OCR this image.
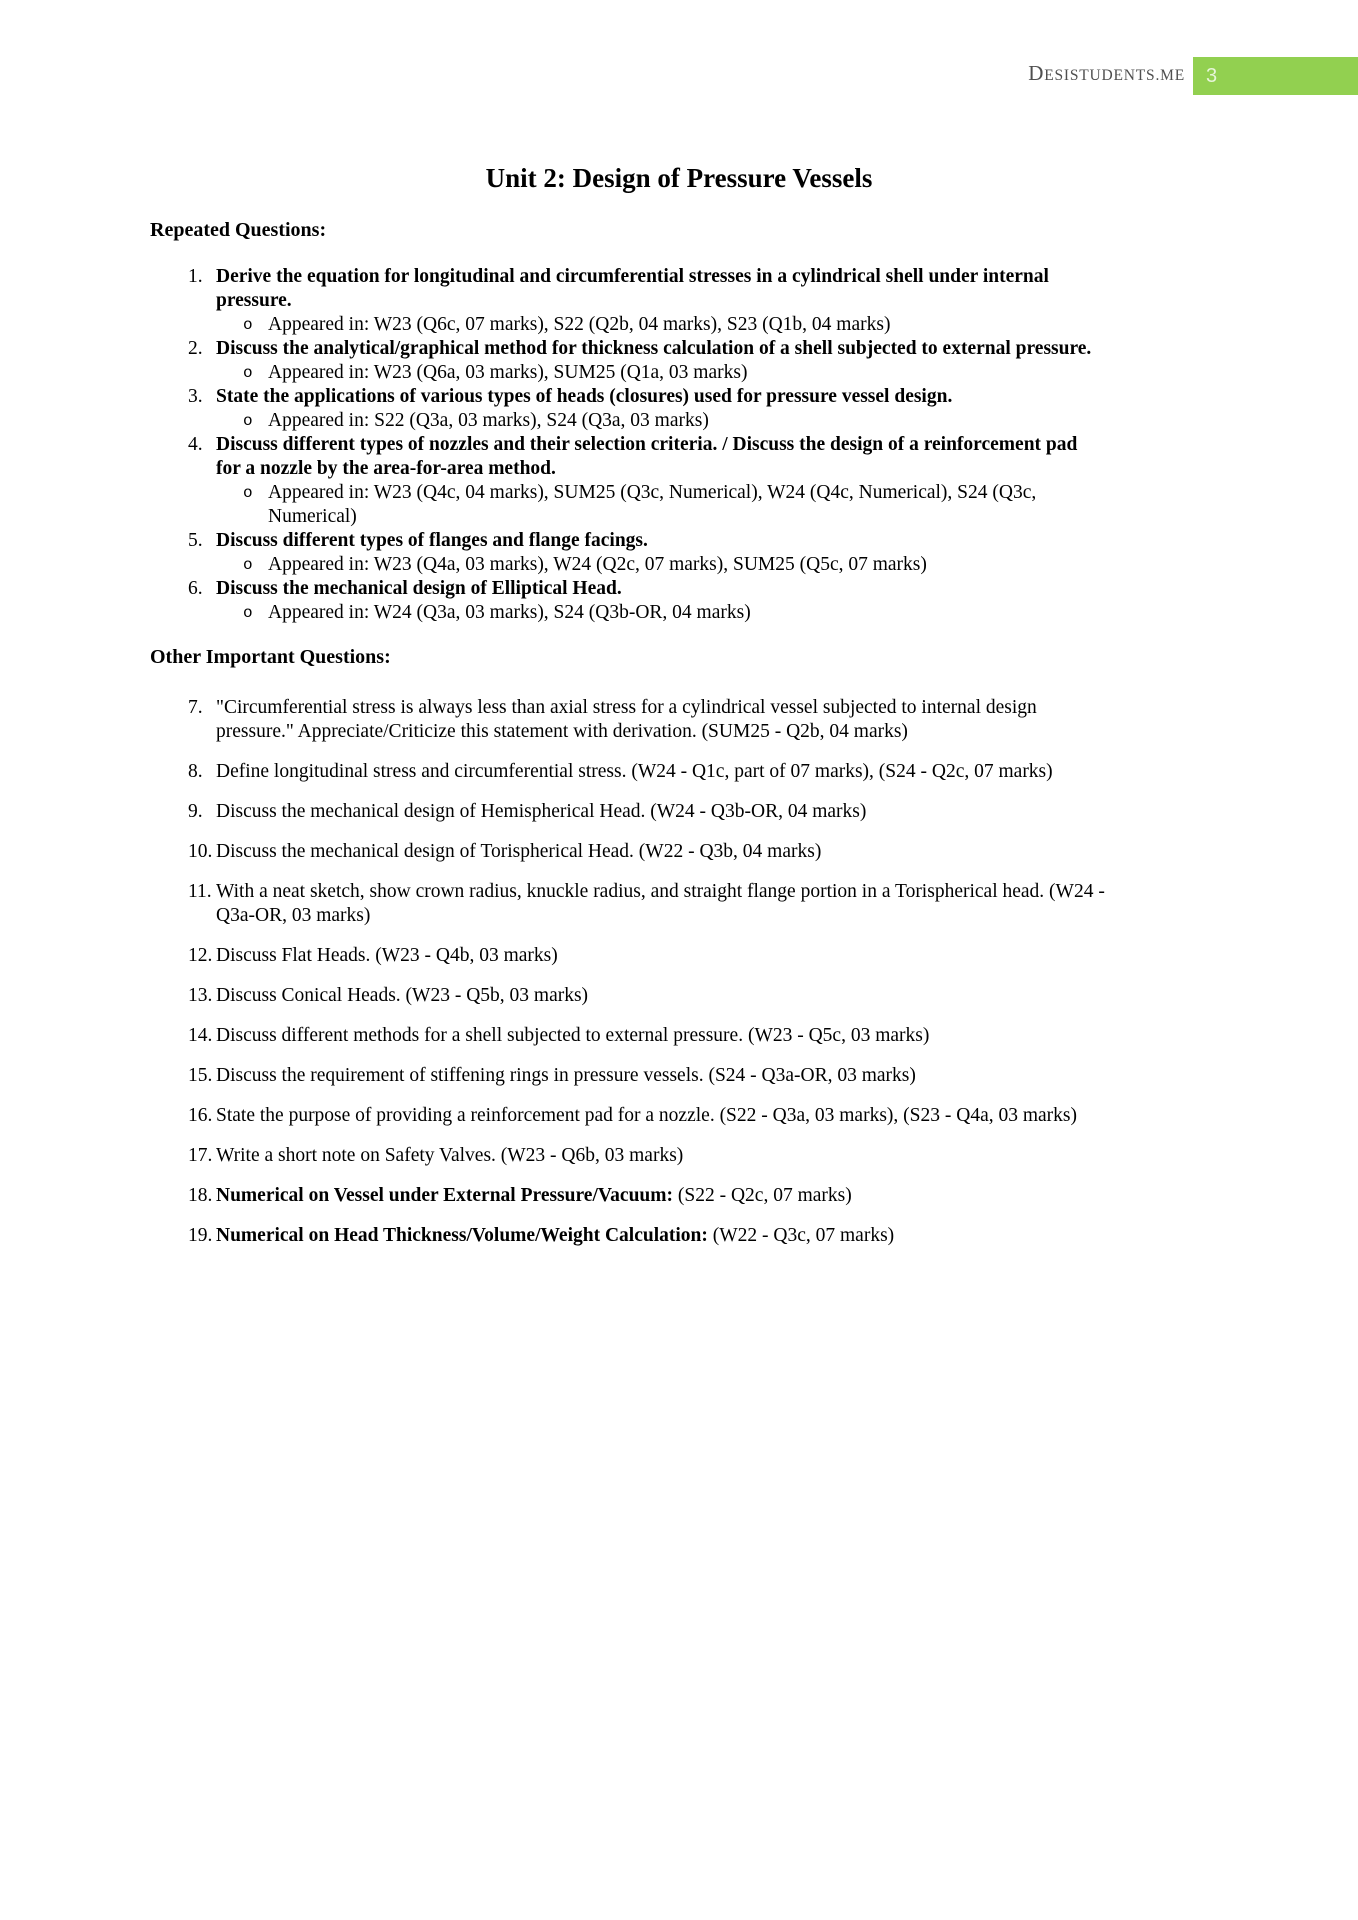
DESISTUDENTS.ME 3
Unit 2: Design of Pressure Vessels
Repeated Questions:
1. Derive the equation for longitudinal and circumferential stresses in a cylindrical shell under internal pressure.
o Appeared in: W23 (Q6c, 07 marks), S22 (Q2b, 04 marks), S23 (Q1b, 04 marks)
2. Discuss the analytical/graphical method for thickness calculation of a shell subjected to external pressure.
o Appeared in: W23 (Q6a, 03 marks), SUM25 (Q1a, 03 marks)
3. State the applications of various types of heads (closures) used for pressure vessel design.
o Appeared in: S22 (Q3a, 03 marks), S24 (Q3a, 03 marks)
4. Discuss different types of nozzles and their selection criteria. / Discuss the design of a reinforcement pad for a nozzle by the area-for-area method.
o Appeared in: W23 (Q4c, 04 marks), SUM25 (Q3c, Numerical), W24 (Q4c, Numerical), S24 (Q3c, Numerical)
5. Discuss different types of flanges and flange facings.
o Appeared in: W23 (Q4a, 03 marks), W24 (Q2c, 07 marks), SUM25 (Q5c, 07 marks)
6. Discuss the mechanical design of Elliptical Head.
o Appeared in: W24 (Q3a, 03 marks), S24 (Q3b-OR, 04 marks)
Other Important Questions:
7. "Circumferential stress is always less than axial stress for a cylindrical vessel subjected to internal design pressure." Appreciate/Criticize this statement with derivation. (SUM25 - Q2b, 04 marks)
8. Define longitudinal stress and circumferential stress. (W24 - Q1c, part of 07 marks), (S24 - Q2c, 07 marks)
9. Discuss the mechanical design of Hemispherical Head. (W24 - Q3b-OR, 04 marks)
10. Discuss the mechanical design of Torispherical Head. (W22 - Q3b, 04 marks)
11. With a neat sketch, show crown radius, knuckle radius, and straight flange portion in a Torispherical head. (W24 - Q3a-OR, 03 marks)
12. Discuss Flat Heads. (W23 - Q4b, 03 marks)
13. Discuss Conical Heads. (W23 - Q5b, 03 marks)
14. Discuss different methods for a shell subjected to external pressure. (W23 - Q5c, 03 marks)
15. Discuss the requirement of stiffening rings in pressure vessels. (S24 - Q3a-OR, 03 marks)
16. State the purpose of providing a reinforcement pad for a nozzle. (S22 - Q3a, 03 marks), (S23 - Q4a, 03 marks)
17. Write a short note on Safety Valves. (W23 - Q6b, 03 marks)
18. Numerical on Vessel under External Pressure/Vacuum: (S22 - Q2c, 07 marks)
19. Numerical on Head Thickness/Volume/Weight Calculation: (W22 - Q3c, 07 marks)
